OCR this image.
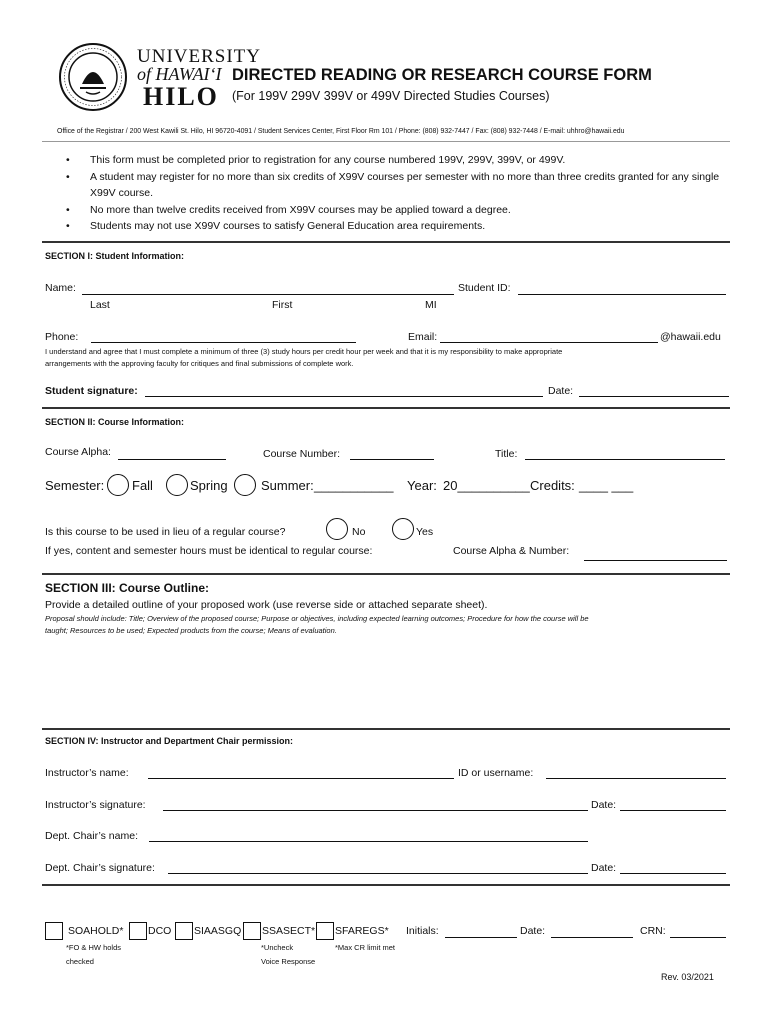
UNIVERSITY
of HAWAI‘I
HILO
DIRECTED READING OR RESEARCH COURSE FORM
(For 199V 299V 399V or 499V Directed Studies Courses)
Office of the Registrar / 200 West Kawili St. Hilo, HI 96720-4091 / Student Services Center, First Floor Rm 101 / Phone: (808) 932-7447 / Fax: (808) 932-7448 / E-mail: uhhro@hawaii.edu
• This form must be completed prior to registration for any course numbered 199V, 299V, 399V, or 499V.
• A student may register for no more than six credits of X99V courses per semester with no more than three credits granted for any single X99V course.
• No more than twelve credits received from X99V courses may be applied toward a degree.
• Students may not use X99V courses to satisfy General Education area requirements.
SECTION I: Student Information:
Name:	Student ID:
Last	First	MI
Phone:	Email:	@hawaii.edu
I understand and agree that I must complete a minimum of three (3) study hours per credit hour per week and that it is my responsibility to make appropriate
arrangements with the approving faculty for critiques and final submissions of complete work.
Student signature:	Date:
SECTION II: Course Information:
Course Alpha:	Course Number:	Title:
Semester: Fall	Spring	Summer: ___________ Year: 20__________ Credits: ____ ___
Is this course to be used in lieu of a regular course?	No	Yes
If yes, content and semester hours must be identical to regular course:	Course Alpha & Number:
SECTION III: Course Outline:
Provide a detailed outline of your proposed work (use reverse side or attached separate sheet).
Proposal should include: Title; Overview of the proposed course; Purpose or objectives, including expected learning outcomes; Procedure for how the course will be
taught; Resources to be used; Expected products from the course; Means of evaluation.
SECTION IV: Instructor and Department Chair permission:
Instructor’s name:	ID or username:
Instructor’s signature:	Date:
Dept. Chair’s name:
Dept. Chair’s signature:	Date:
SOAHOLD* DCO SIAASGQ SSASECT* SFAREGS* Initials:	Date:	CRN:
*FO & HW holds
checked
*Uncheck
Voice Response
*Max CR limit met
Rev. 03/2021
